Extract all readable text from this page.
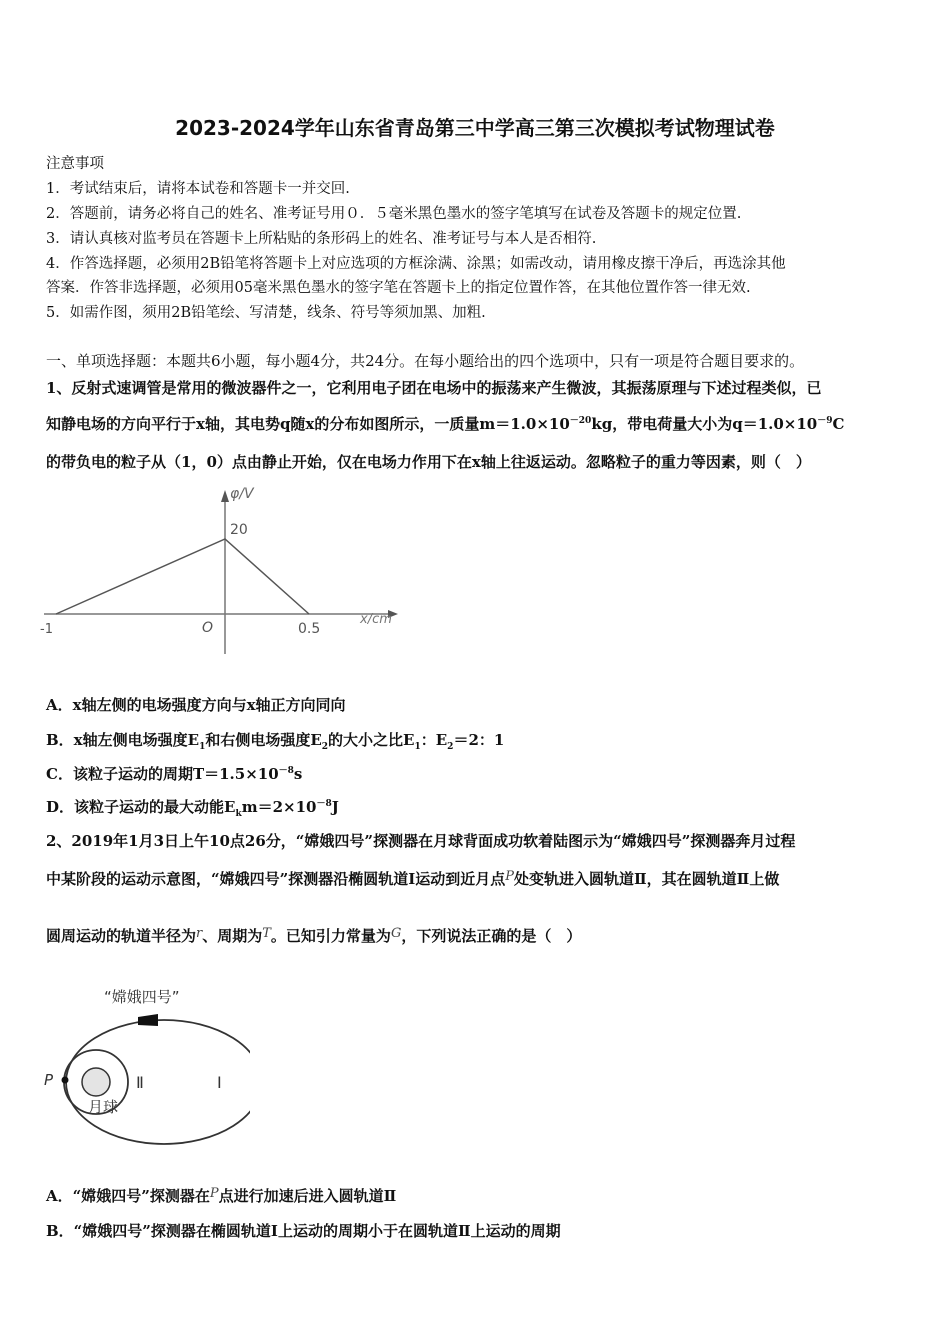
2023-2024学年山东省青岛第三中学高三第三次模拟考试物理试卷
注意事项
1．考试结束后，请将本试卷和答题卡一并交回.
2．答题前，请务必将自己的姓名、准考证号用０．５毫米黑色墨水的签字笔填写在试卷及答题卡的规定位置.
3．请认真核对监考员在答题卡上所粘贴的条形码上的姓名、准考证号与本人是否相符.
4．作答选择题，必须用2B铅笔将答题卡上对应选项的方框涂满、涂黑；如需改动，请用橡皮擦干净后，再选涂其他
答案．作答非选择题，必须用05毫米黑色墨水的签字笔在答题卡上的指定位置作答，在其他位置作答一律无效.
5．如需作图，须用2B铅笔绘、写清楚，线条、符号等须加黑、加粗.
一、单项选择题：本题共6小题，每小题4分，共24分。在每小题给出的四个选项中，只有一项是符合题目要求的。
1、反射式速调管是常用的微波器件之一，它利用电子团在电场中的振荡来产生微波，其振荡原理与下述过程类似，已
知静电场的方向平行于x轴，其电势q随x的分布如图所示，一质量$m=1.0\times 10^{-20}kg$，带电荷量大小为$q=1.0\times 10^{-9}C$
的带负电的粒子从（1，0）点由静止开始，仅在电场力作用下在x轴上往返运动。忽略粒子的重力等因素，则（　）
φ/V
20
x/cm
O
-1	0.5
A．x轴左侧的电场强度方向与x轴正方向同向
B．x轴左侧电场强度$E_1$和右侧电场强度$E_2$的大小之比$E_1$：$E_2=2$：1
C．该粒子运动的周期$T=1.5\times 10^{-8}s$
D．该粒子运动的最大动能$E_km=2\times 10^{-8}J$
2、2019年1月3日上午10点26分，“嫦娥四号”探测器在月球背面成功软着陆图示为“嫦娥四号”探测器奔月过程
中某阶段的运动示意图，“嫦娥四号”探测器沿椭圆轨道Ⅰ运动到近月点P处变轨进入圆轨道Ⅱ，其在圆轨道Ⅱ上做
圆周运动的轨道半径为r、周期为T。已知引力常量为G，下列说法正确的是（　）
“嫦娥四号”
P	Ⅱ	Ⅰ
月球
A．“嫦娥四号”探测器在P点进行加速后进入圆轨道Ⅱ
B．“嫦娥四号”探测器在椭圆轨道Ⅰ上运动的周期小于在圆轨道Ⅱ上运动的周期
